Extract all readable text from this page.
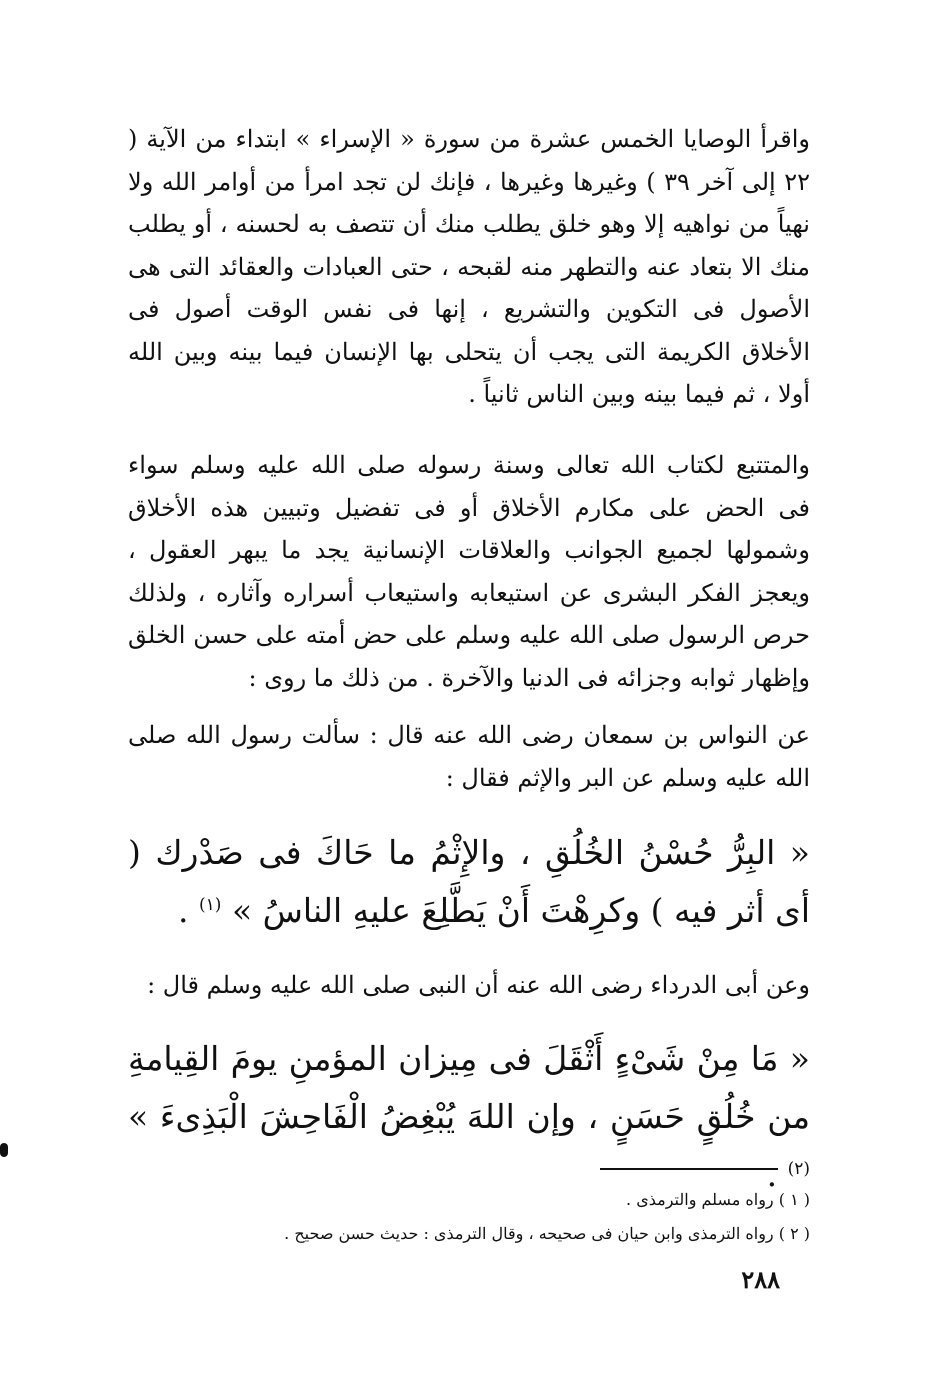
واقرأ الوصايا الخمس عشرة من سورة « الإسراء » ابتداء من الآية ( ٢٢ إلى آخر ٣٩ ) وغيرها وغيرها ، فإنك لن تجد امرأ من أوامر الله ولا نهياً من نواهيه إلا وهو خلق يطلب منك أن تتصف به لحسنه ، أو يطلب منك الا بتعاد عنه والتطهر منه لقبحه ، حتى العبادات والعقائد التى هى الأصول فى التكوين والتشريع ، إنها فى نفس الوقت أصول فى الأخلاق الكريمة التى يجب أن يتحلى بها الإنسان فيما بينه وبين الله أولا ، ثم فيما بينه وبين الناس ثانياً .

والمتتبع لكتاب الله تعالى وسنة رسوله صلى الله عليه وسلم سواء فى الحض على مكارم الأخلاق أو فى تفضيل وتبيين هذه الأخلاق وشمولها لجميع الجوانب والعلاقات الإنسانية يجد ما يبهر العقول ، ويعجز الفكر البشرى عن استيعابه واستيعاب أسراره وآثاره ، ولذلك حرص الرسول صلى الله عليه وسلم على حض أمته على حسن الخلق وإظهار ثوابه وجزائه فى الدنيا والآخرة . من ذلك ما روى :

عن النواس بن سمعان رضى الله عنه قال : سألت رسول الله صلى الله عليه وسلم عن البر والإثم فقال :

« البِرُّ حُسْنُ الخُلُقِ ، والإِثْمُ ما حَاكَ فى صَدْرك ( أى أثر فيه ) وكرِهْتَ أَنْ يَطَّلِعَ عليهِ الناسُ » $^{(١)}$ .

وعن أبى الدرداء رضى الله عنه أن النبى صلى الله عليه وسلم قال :

« مَا مِنْ شَىْءٍ أَثْقَلَ فى مِيزان المؤمنِ يومَ القِيامةِ من خُلُقٍ حَسَنٍ ، وإن اللهَ يُبْغِضُ الْفَاحِشَ الْبَذِىءَ » $^{(٢)}$ .

( ١ ) رواه مسلم والترمذى .

( ٢ ) رواه الترمذى وابن حيان فى صحيحه ، وقال الترمذى : حديث حسن صحيح .

٢٨٨
